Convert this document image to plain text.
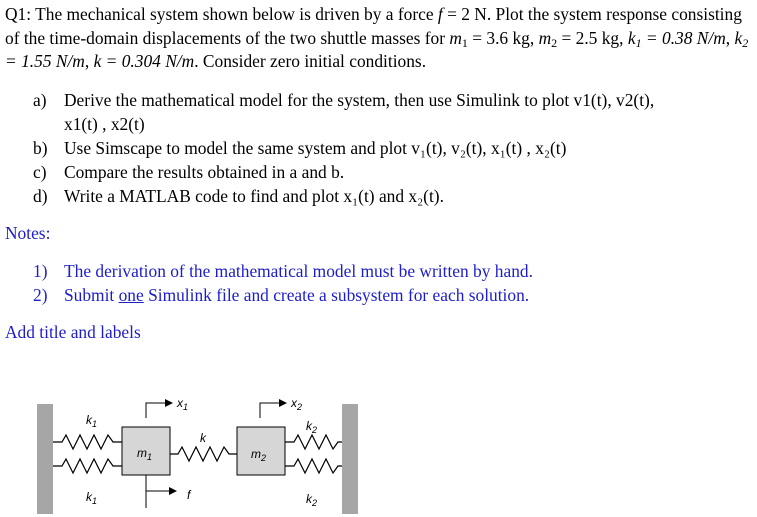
Q1: The mechanical system shown below is driven by a force f = 2 N. Plot the system response consisting of the time-domain displacements of the two shuttle masses for $m_1 = 3.6$ kg, $m_2 = 2.5$ kg, $k_1 = 0.38$ N/m, $k_2 = 1.55$ N/m, k = 0.304 N/m. Consider zero initial conditions.
a) Derive the mathematical model for the system, then use Simulink to plot v1(t), v2(t),
x1(t) , x2(t)
b) Use Simscape to model the same system and plot v₁(t), v₂(t), x₁(t) , x₂(t)
c) Compare the results obtained in a and b.
d) Write a MATLAB code to find and plot x₁(t) and x₂(t).
Notes:
1) The derivation of the mathematical model must be written by hand.
2) Submit one Simulink file and create a subsystem for each solution.
Add title and labels
$x_1$	$x_2$
$k_1$
$k_1$
$k_2$
$k_2$
k
$m_1$	$m_2$
f
